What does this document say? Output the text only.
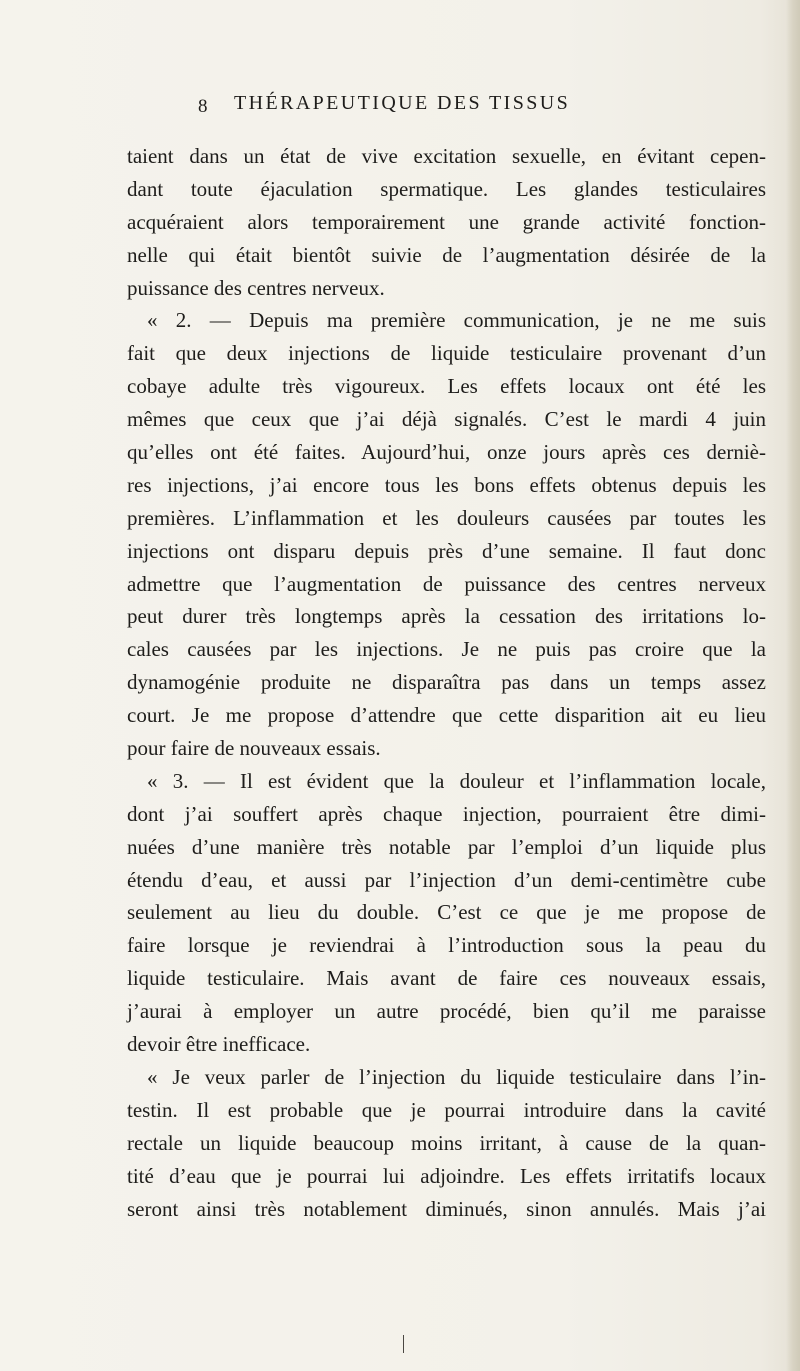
8 THÉRAPEUTIQUE DES TISSUS
taient dans un état de vive excitation sexuelle, en évitant cepen-
dant toute éjaculation spermatique. Les glandes testiculaires
acquéraient alors temporairement une grande activité fonction-
nelle qui était bientôt suivie de l’augmentation désirée de la
puissance des centres nerveux.
« 2. — Depuis ma première communication, je ne me suis
fait que deux injections de liquide testiculaire provenant d’un
cobaye adulte très vigoureux. Les effets locaux ont été les
mêmes que ceux que j’ai déjà signalés. C’est le mardi 4 juin
qu’elles ont été faites. Aujourd’hui, onze jours après ces derniè-
res injections, j’ai encore tous les bons effets obtenus depuis les
premières. L’inflammation et les douleurs causées par toutes les
injections ont disparu depuis près d’une semaine. Il faut donc
admettre que l’augmentation de puissance des centres nerveux
peut durer très longtemps après la cessation des irritations lo-
cales causées par les injections. Je ne puis pas croire que la
dynamogénie produite ne disparaîtra pas dans un temps assez
court. Je me propose d’attendre que cette disparition ait eu lieu
pour faire de nouveaux essais.
« 3. — Il est évident que la douleur et l’inflammation locale,
dont j’ai souffert après chaque injection, pourraient être dimi-
nuées d’une manière très notable par l’emploi d’un liquide plus
étendu d’eau, et aussi par l’injection d’un demi-centimètre cube
seulement au lieu du double. C’est ce que je me propose de
faire lorsque je reviendrai à l’introduction sous la peau du
liquide testiculaire. Mais avant de faire ces nouveaux essais,
j’aurai à employer un autre procédé, bien qu’il me paraisse
devoir être inefficace.
« Je veux parler de l’injection du liquide testiculaire dans l’in-
testin. Il est probable que je pourrai introduire dans la cavité
rectale un liquide beaucoup moins irritant, à cause de la quan-
tité d’eau que je pourrai lui adjoindre. Les effets irritatifs locaux
seront ainsi très notablement diminués, sinon annulés. Mais j’ai
